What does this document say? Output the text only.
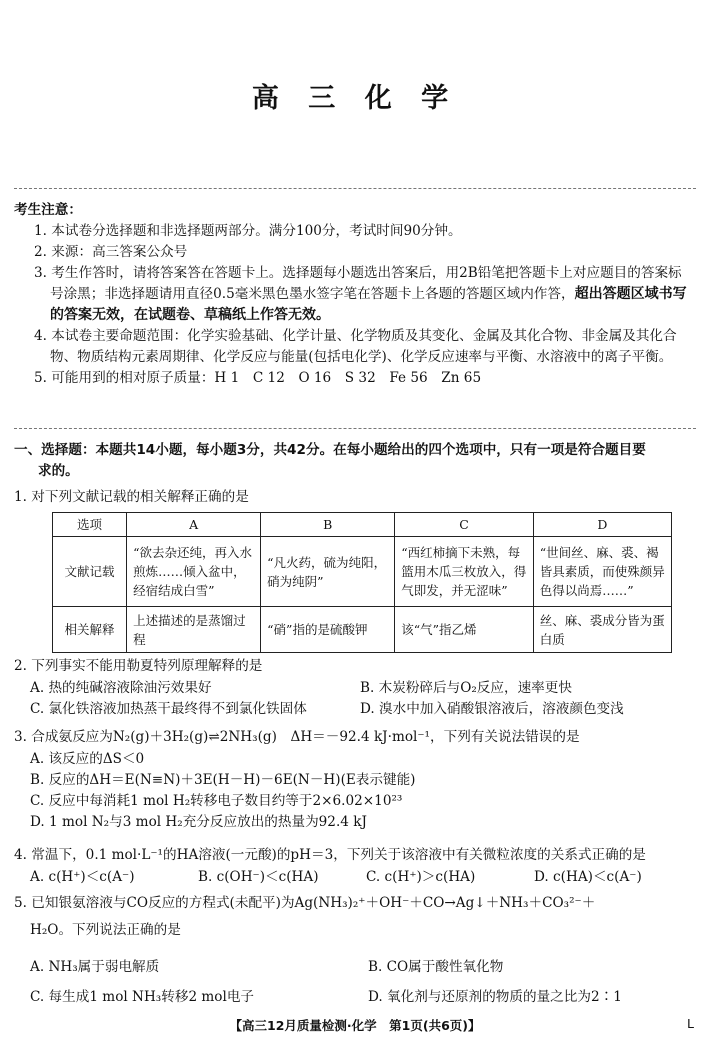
高 三 化 学
考生注意：
1. 本试卷分选择题和非选择题两部分。满分100分，考试时间90分钟。
2. 来源：高三答案公众号
3. 考生作答时，请将答案答在答题卡上。选择题每小题选出答案后，用2B铅笔把答题卡上对应题目的答案标号涂黑；非选择题请用直径0.5毫米黑色墨水签字笔在答题卡上各题的答题区域内作答，超出答题区域书写的答案无效，在试题卷、草稿纸上作答无效。
4. 本试卷主要命题范围：化学实验基础、化学计量、化学物质及其变化、金属及其化合物、非金属及其化合物、物质结构元素周期律、化学反应与能量(包括电化学)、化学反应速率与平衡、水溶液中的离子平衡。
5. 可能用到的相对原子质量：H 1　C 12　O 16　S 32　Fe 56　Zn 65
一、选择题：本题共14小题，每小题3分，共42分。在每小题给出的四个选项中，只有一项是符合题目要
求的。
1. 对下列文献记载的相关解释正确的是
选项	A	B	C	D
文献记载	“欲去杂还纯，再入水煎炼……倾入盆中，经宿结成白雪”	“凡火药，硫为纯阳，硝为纯阴”	“西红柿摘下未熟，每篮用木瓜三枚放入，得气即发，并无涩味”	“世间丝、麻、裘、褐皆具素质，而使殊颜异色得以尚焉……”
相关解释	上述描述的是蒸馏过程	“硝”指的是硫酸钾	该“气”指乙烯	丝、麻、裘成分皆为蛋白质
2. 下列事实不能用勒夏特列原理解释的是
A. 热的纯碱溶液除油污效果好	B. 木炭粉碎后与O₂反应，速率更快
C. 氯化铁溶液加热蒸干最终得不到氯化铁固体	D. 溴水中加入硝酸银溶液后，溶液颜色变浅
3. 合成氨反应为N₂(g)＋3H₂(g)⇌2NH₃(g)　ΔH＝－92.4 kJ·mol⁻¹，下列有关说法错误的是
A. 该反应的ΔS＜0
B. 反应的ΔH＝E(N≡N)＋3E(H－H)－6E(N－H)(E表示键能)
C. 反应中每消耗1 mol H₂转移电子数目约等于2×6.02×10²³
D. 1 mol N₂与3 mol H₂充分反应放出的热量为92.4 kJ
4. 常温下，0.1 mol·L⁻¹的HA溶液(一元酸)的pH＝3，下列关于该溶液中有关微粒浓度的关系式正确的是
A. c(H⁺)＜c(A⁻)	B. c(OH⁻)＜c(HA)	C. c(H⁺)＞c(HA)	D. c(HA)＜c(A⁻)
5. 已知银氨溶液与CO反应的方程式(未配平)为Ag(NH₃)₂⁺＋OH⁻＋CO→Ag↓＋NH₃＋CO₃²⁻＋
H₂O。下列说法正确的是
A. NH₃属于弱电解质	B. CO属于酸性氧化物
C. 每生成1 mol NH₃转移2 mol电子	D. 氧化剂与还原剂的物质的量之比为2∶1
【高三12月质量检测·化学　第1页(共6页)】	L
